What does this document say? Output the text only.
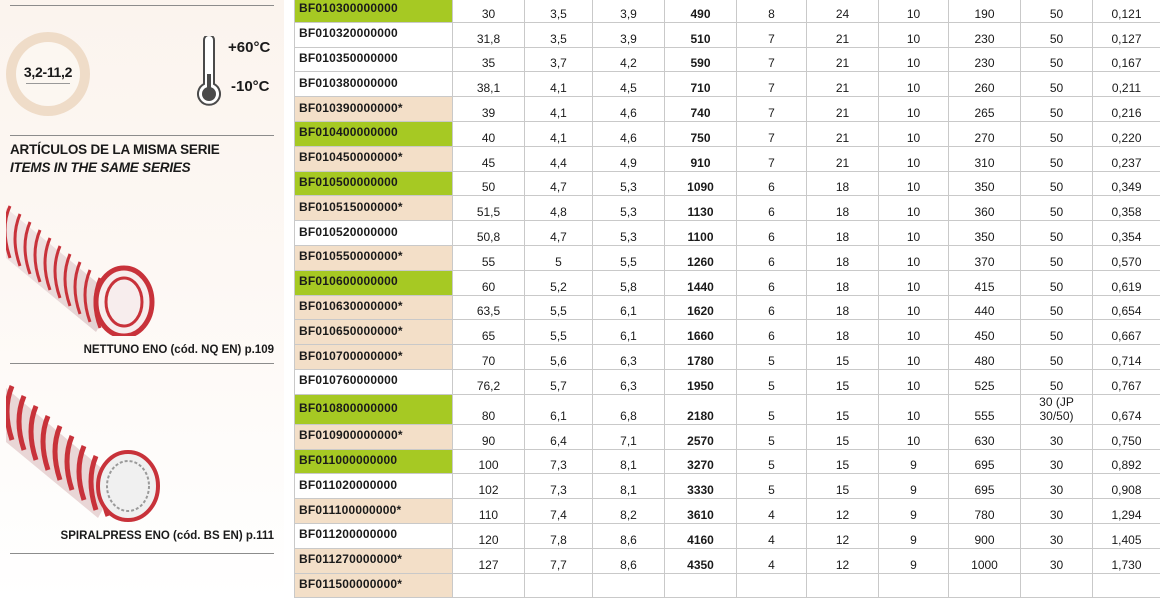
3,2-11,2
+60°C
-10°C
ARTÍCULOS DE LA MISMA SERIE
ITEMS IN THE SAME SERIES
NETTUNO ENO (cód. NQ EN) p.109
SPIRALPRESS ENO (cód. BS EN) p.111
BF010300000000	30	3,5	3,9	490	8	24	10	190	50	0,121
BF010320000000	31,8	3,5	3,9	510	7	21	10	230	50	0,127
BF010350000000	35	3,7	4,2	590	7	21	10	230	50	0,167
BF010380000000	38,1	4,1	4,5	710	7	21	10	260	50	0,211
BF010390000000*	39	4,1	4,6	740	7	21	10	265	50	0,216
BF010400000000	40	4,1	4,6	750	7	21	10	270	50	0,220
BF010450000000*	45	4,4	4,9	910	7	21	10	310	50	0,237
BF010500000000	50	4,7	5,3	1090	6	18	10	350	50	0,349
BF010515000000*	51,5	4,8	5,3	1130	6	18	10	360	50	0,358
BF010520000000	50,8	4,7	5,3	1100	6	18	10	350	50	0,354
BF010550000000*	55	5	5,5	1260	6	18	10	370	50	0,570
BF010600000000	60	5,2	5,8	1440	6	18	10	415	50	0,619
BF010630000000*	63,5	5,5	6,1	1620	6	18	10	440	50	0,654
BF010650000000*	65	5,5	6,1	1660	6	18	10	450	50	0,667
BF010700000000*	70	5,6	6,3	1780	5	15	10	480	50	0,714
BF010760000000	76,2	5,7	6,3	1950	5	15	10	525	50	0,767
BF010800000000	80	6,1	6,8	2180	5	15	10	555	30 (JP 30/50)	0,674
BF010900000000*	90	6,4	7,1	2570	5	15	10	630	30	0,750
BF011000000000	100	7,3	8,1	3270	5	15	9	695	30	0,892
BF011020000000	102	7,3	8,1	3330	5	15	9	695	30	0,908
BF011100000000*	110	7,4	8,2	3610	4	12	9	780	30	1,294
BF011200000000	120	7,8	8,6	4160	4	12	9	900	30	1,405
BF011270000000*	127	7,7	8,6	4350	4	12	9	1000	30	1,730
BF011500000000*										
